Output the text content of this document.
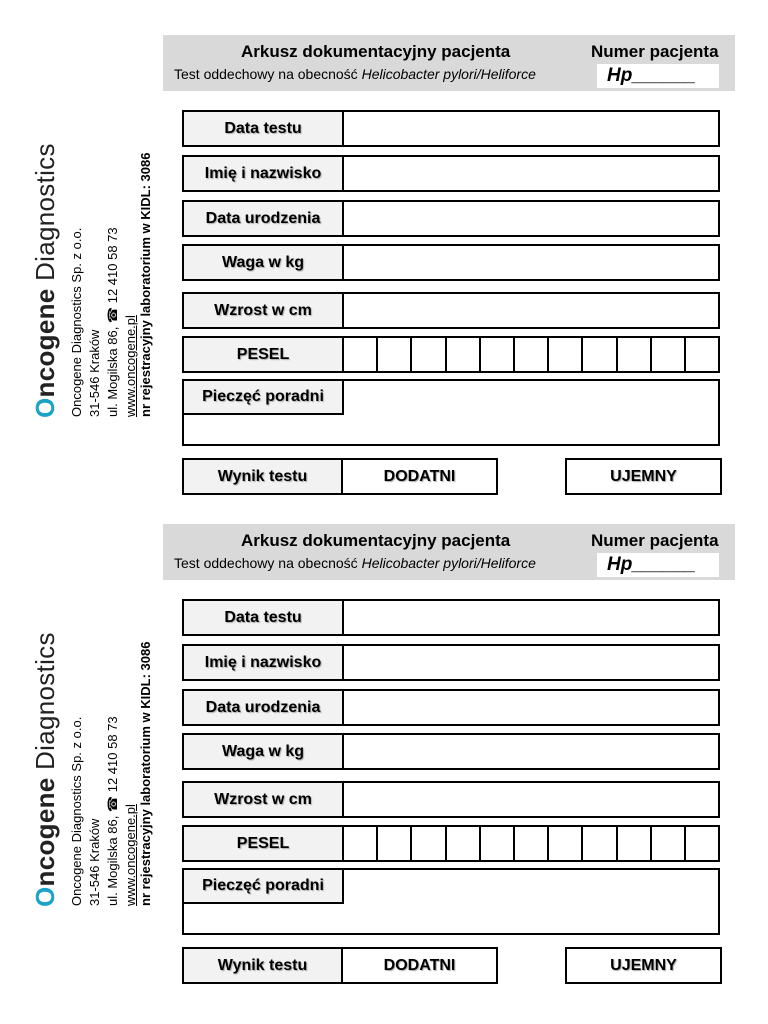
Oncogene Diagnostics
Oncogene Diagnostics Sp. z o.o. 31-546 Kraków ul. Mogilska 86, ☎ 12 410 58 73 www.oncogene.pl nr rejestracyjny laboratorium w KIDL: 3086
Arkusz dokumentacyjny pacjenta
Test oddechowy na obecność Helicobacter pylori/Heliforce
Numer pacjenta
Hp______
Data testu
Imię i nazwisko
Data urodzenia
Waga w kg
Wzrost w cm
PESEL
Pieczęć poradni
Wynik testu	DODATNI	UJEMNY
Oncogene Diagnostics
Oncogene Diagnostics Sp. z o.o. 31-546 Kraków ul. Mogilska 86, ☎ 12 410 58 73 www.oncogene.pl nr rejestracyjny laboratorium w KIDL: 3086
Arkusz dokumentacyjny pacjenta
Test oddechowy na obecność Helicobacter pylori/Heliforce
Numer pacjenta
Hp______
Data testu
Imię i nazwisko
Data urodzenia
Waga w kg
Wzrost w cm
PESEL
Pieczęć poradni
Wynik testu	DODATNI	UJEMNY
